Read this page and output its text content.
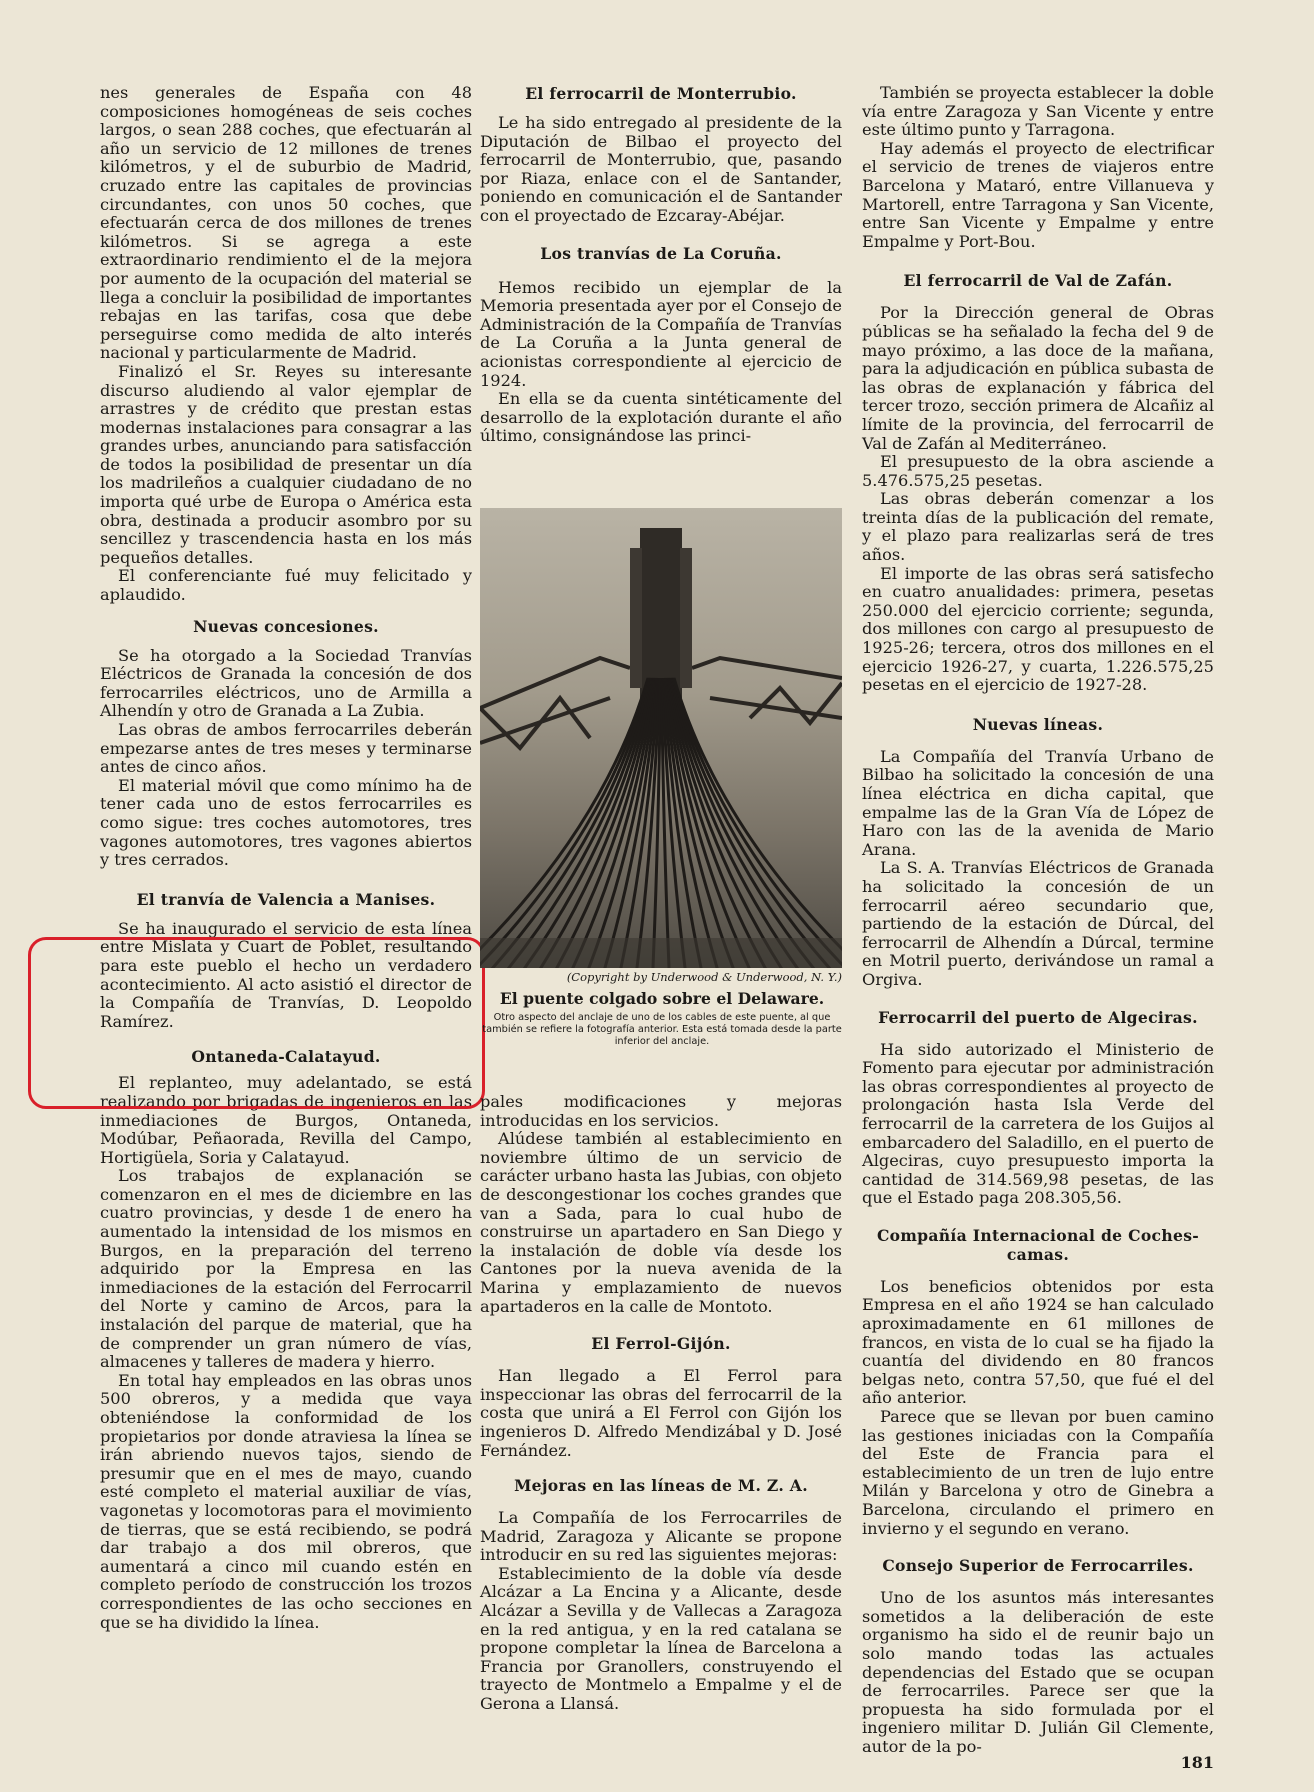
nes generales de España con 48 composiciones homogéneas de seis coches largos, o sean 288 coches, que efectuarán al año un servicio de 12 millones de trenes kilómetros, y el de suburbio de Madrid, cruzado entre las capitales de provincias circundantes, con unos 50 coches, que efectuarán cerca de dos millones de trenes kilómetros. Si se agrega a este extraordinario rendimiento el de la mejora por aumento de la ocupación del material se llega a concluir la posibilidad de importantes rebajas en las tarifas, cosa que debe perseguirse como medida de alto interés nacional y particularmente de Madrid.

Finalizó el Sr. Reyes su interesante discurso aludiendo al valor ejemplar de arrastres y de crédito que prestan estas modernas instalaciones para consagrar a las grandes urbes, anunciando para satisfacción de todos la posibilidad de presentar un día los madrileños a cualquier ciudadano de no importa qué urbe de Europa o América esta obra, destinada a producir asombro por su sencillez y trascendencia hasta en los más pequeños detalles.

El conferenciante fué muy felicitado y aplaudido.

Nuevas concesiones.

Se ha otorgado a la Sociedad Tranvías Eléctricos de Granada la concesión de dos ferrocarriles eléctricos, uno de Armilla a Alhendín y otro de Granada a La Zubia.

Las obras de ambos ferrocarriles deberán empezarse antes de tres meses y terminarse antes de cinco años.

El material móvil que como mínimo ha de tener cada uno de estos ferrocarriles es como sigue: tres coches automotores, tres vagones automotores, tres vagones abiertos y tres cerrados.

El tranvía de Valencia a Manises.

Se ha inaugurado el servicio de esta línea entre Mislata y Cuart de Poblet, resultando para este pueblo el hecho un verdadero acontecimiento. Al acto asistió el director de la Compañía de Tranvías, D. Leopoldo Ramírez.

Ontaneda-Calatayud.

El replanteo, muy adelantado, se está realizando por brigadas de ingenieros en las inmediaciones de Burgos, Ontaneda, Modúbar, Peñaorada, Revilla del Campo, Hortigüela, Soria y Calatayud.

Los trabajos de explanación se comenzaron en el mes de diciembre en las cuatro provincias, y desde 1 de enero ha aumentado la intensidad de los mismos en Burgos, en la preparación del terreno adquirido por la Empresa en las inmediaciones de la estación del Ferrocarril del Norte y camino de Arcos, para la instalación del parque de material, que ha de comprender un gran número de vías, almacenes y talleres de madera y hierro.

En total hay empleados en las obras unos 500 obreros, y a medida que vaya obteniéndose la conformidad de los propietarios por donde atraviesa la línea se irán abriendo nuevos tajos, siendo de presumir que en el mes de mayo, cuando esté completo el material auxiliar de vías, vagonetas y locomotoras para el movimiento de tierras, que se está recibiendo, se podrá dar trabajo a dos mil obreros, que aumentará a cinco mil cuando estén en completo período de construcción los trozos correspondientes de las ocho secciones en que se ha dividido la línea.

El ferrocarril de Monterrubio.

Le ha sido entregado al presidente de la Diputación de Bilbao el proyecto del ferrocarril de Monterrubio, que, pasando por Riaza, enlace con el de Santander, poniendo en comunicación el de Santander con el proyectado de Ezcaray-Abéjar.

Los tranvías de La Coruña.

Hemos recibido un ejemplar de la Memoria presentada ayer por el Consejo de Administración de la Compañía de Tranvías de La Coruña a la Junta general de acionistas correspondiente al ejercicio de 1924.

En ella se da cuenta sintéticamente del desarrollo de la explotación durante el año último, consignándose las princi-

(Copyright by Underwood & Underwood, N. Y.)

El puente colgado sobre el Delaware.

Otro aspecto del anclaje de uno de los cables de este puente, al que también se refiere la fotografía anterior. Esta está tomada desde la parte inferior del anclaje.

pales modificaciones y mejoras introducidas en los servicios.

Alúdese también al establecimiento en noviembre último de un servicio de carácter urbano hasta las Jubias, con objeto de descongestionar los coches grandes que van a Sada, para lo cual hubo de construirse un apartadero en San Diego y la instalación de doble vía desde los Cantones por la nueva avenida de la Marina y emplazamiento de nuevos apartaderos en la calle de Montoto.

El Ferrol-Gijón.

Han llegado a El Ferrol para inspeccionar las obras del ferrocarril de la costa que unirá a El Ferrol con Gijón los ingenieros D. Alfredo Mendizábal y D. José Fernández.

Mejoras en las líneas de M. Z. A.

La Compañía de los Ferrocarriles de Madrid, Zaragoza y Alicante se propone introducir en su red las siguientes mejoras:

Establecimiento de la doble vía desde Alcázar a La Encina y a Alicante, desde Alcázar a Sevilla y de Vallecas a Zaragoza en la red antigua, y en la red catalana se propone completar la línea de Barcelona a Francia por Granollers, construyendo el trayecto de Montmelo a Empalme y el de Gerona a Llansá.

También se proyecta establecer la doble vía entre Zaragoza y San Vicente y entre este último punto y Tarragona.

Hay además el proyecto de electrificar el servicio de trenes de viajeros entre Barcelona y Mataró, entre Villanueva y Martorell, entre Tarragona y San Vicente, entre San Vicente y Empalme y entre Empalme y Port-Bou.

El ferrocarril de Val de Zafán.

Por la Dirección general de Obras públicas se ha señalado la fecha del 9 de mayo próximo, a las doce de la mañana, para la adjudicación en pública subasta de las obras de explanación y fábrica del tercer trozo, sección primera de Alcañiz al límite de la provincia, del ferrocarril de Val de Zafán al Mediterráneo.

El presupuesto de la obra asciende a 5.476.575,25 pesetas.

Las obras deberán comenzar a los treinta días de la publicación del remate, y el plazo para realizarlas será de tres años.

El importe de las obras será satisfecho en cuatro anualidades: primera, pesetas 250.000 del ejercicio corriente; segunda, dos millones con cargo al presupuesto de 1925-26; tercera, otros dos millones en el ejercicio 1926-27, y cuarta, 1.226.575,25 pesetas en el ejercicio de 1927-28.

Nuevas líneas.

La Compañía del Tranvía Urbano de Bilbao ha solicitado la concesión de una línea eléctrica en dicha capital, que empalme las de la Gran Vía de López de Haro con las de la avenida de Mario Arana.

La S. A. Tranvías Eléctricos de Granada ha solicitado la concesión de un ferrocarril aéreo secundario que, partiendo de la estación de Dúrcal, del ferrocarril de Alhendín a Dúrcal, termine en Motril puerto, derivándose un ramal a Orgiva.

Ferrocarril del puerto de Algeciras.

Ha sido autorizado el Ministerio de Fomento para ejecutar por administración las obras correspondientes al proyecto de prolongación hasta Isla Verde del ferrocarril de la carretera de los Guijos al embarcadero del Saladillo, en el puerto de Algeciras, cuyo presupuesto importa la cantidad de 314.569,98 pesetas, de las que el Estado paga 208.305,56.

Compañía Internacional de Coches-camas.

Los beneficios obtenidos por esta Empresa en el año 1924 se han calculado aproximadamente en 61 millones de francos, en vista de lo cual se ha fijado la cuantía del dividendo en 80 francos belgas neto, contra 57,50, que fué el del año anterior.

Parece que se llevan por buen camino las gestiones iniciadas con la Compañía del Este de Francia para el establecimiento de un tren de lujo entre Milán y Barcelona y otro de Ginebra a Barcelona, circulando el primero en invierno y el segundo en verano.

Consejo Superior de Ferrocarriles.

Uno de los asuntos más interesantes sometidos a la deliberación de este organismo ha sido el de reunir bajo un solo mando todas las actuales dependencias del Estado que se ocupan de ferrocarriles. Parece ser que la propuesta ha sido formulada por el ingeniero militar D. Julián Gil Clemente, autor de la po-

181
